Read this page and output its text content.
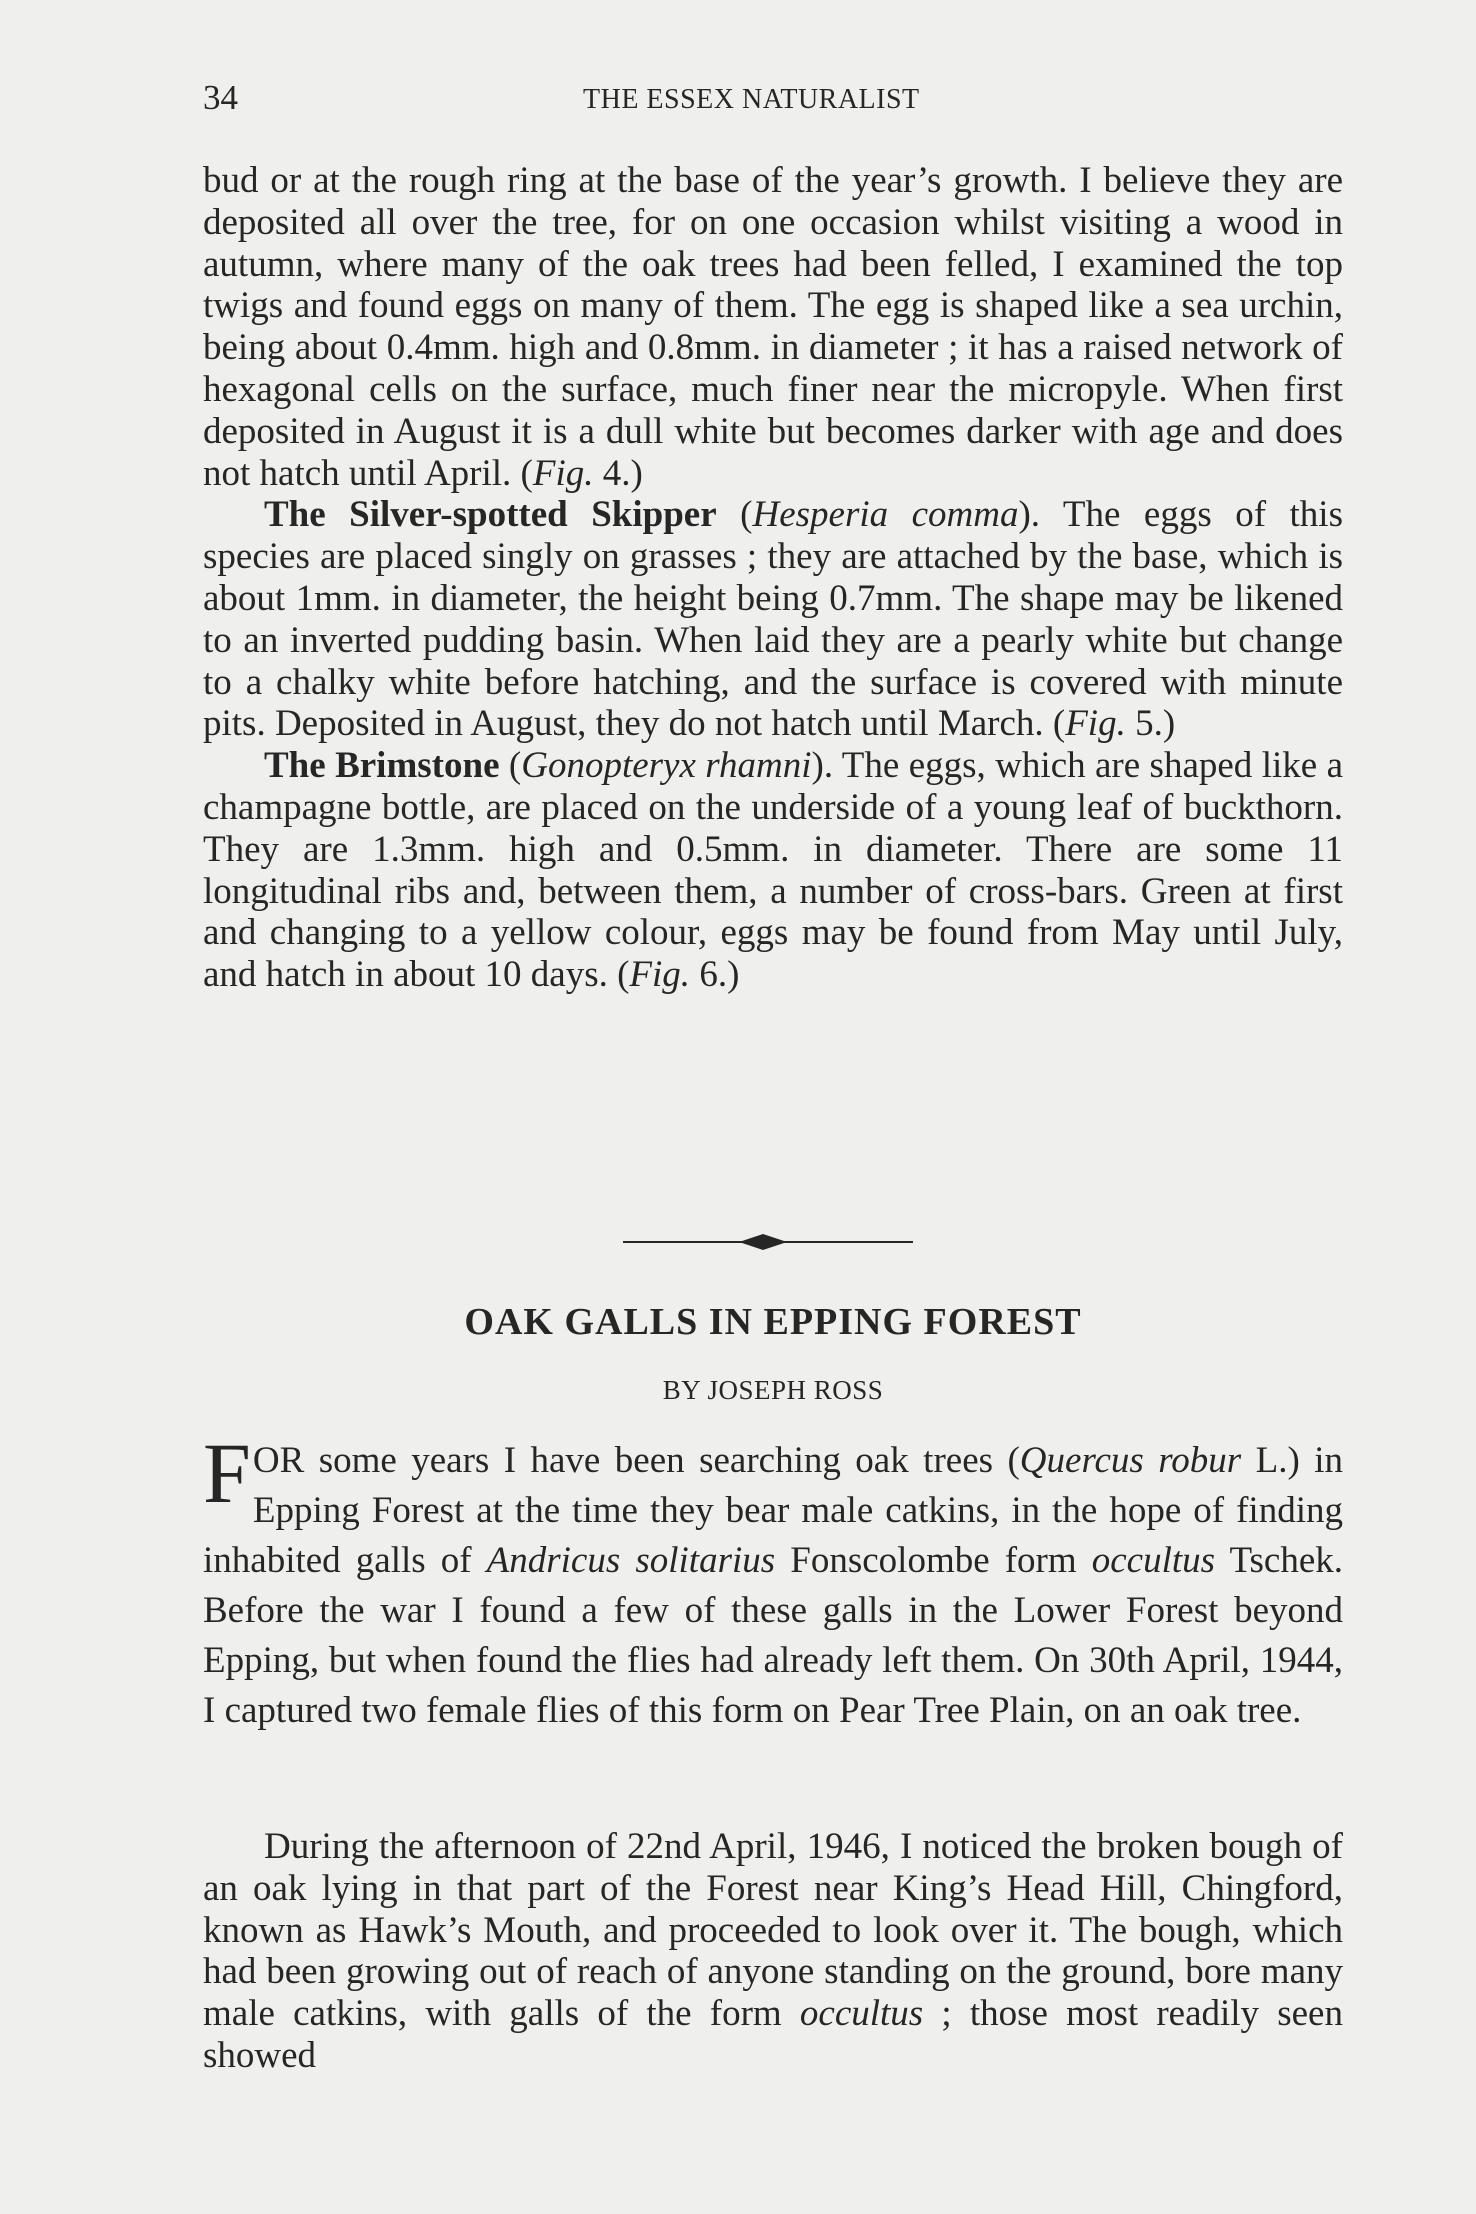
34	THE ESSEX NATURALIST

bud or at the rough ring at the base of the year’s growth. I believe they are deposited all over the tree, for on one occasion whilst visiting a wood in autumn, where many of the oak trees had been felled, I examined the top twigs and found eggs on many of them. The egg is shaped like a sea urchin, being about 0.4mm. high and 0.8mm. in diameter ; it has a raised network of hexagonal cells on the surface, much finer near the micropyle. When first deposited in August it is a dull white but becomes darker with age and does not hatch until April. (Fig. 4.)

The Silver-spotted Skipper (Hesperia comma). The eggs of this species are placed singly on grasses ; they are attached by the base, which is about 1mm. in diameter, the height being 0.7mm. The shape may be likened to an inverted pudding basin. When laid they are a pearly white but change to a chalky white before hatching, and the surface is covered with minute pits. Deposited in August, they do not hatch until March. (Fig. 5.)

The Brimstone (Gonopteryx rhamni). The eggs, which are shaped like a champagne bottle, are placed on the underside of a young leaf of buckthorn. They are 1.3mm. high and 0.5mm. in diameter. There are some 11 longitudinal ribs and, between them, a number of cross-bars. Green at first and changing to a yellow colour, eggs may be found from May until July, and hatch in about 10 days. (Fig. 6.)

OAK GALLS IN EPPING FOREST
BY JOSEPH ROSS

FOR some years I have been searching oak trees (Quercus robur L.) in Epping Forest at the time they bear male catkins, in the hope of finding inhabited galls of Andricus solitarius Fonscolombe form occultus Tschek. Before the war I found a few of these galls in the Lower Forest beyond Epping, but when found the flies had already left them. On 30th April, 1944, I captured two female flies of this form on Pear Tree Plain, on an oak tree.

During the afternoon of 22nd April, 1946, I noticed the broken bough of an oak lying in that part of the Forest near King’s Head Hill, Chingford, known as Hawk’s Mouth, and proceeded to look over it. The bough, which had been growing out of reach of anyone standing on the ground, bore many male catkins, with galls of the form occultus ; those most readily seen showed
